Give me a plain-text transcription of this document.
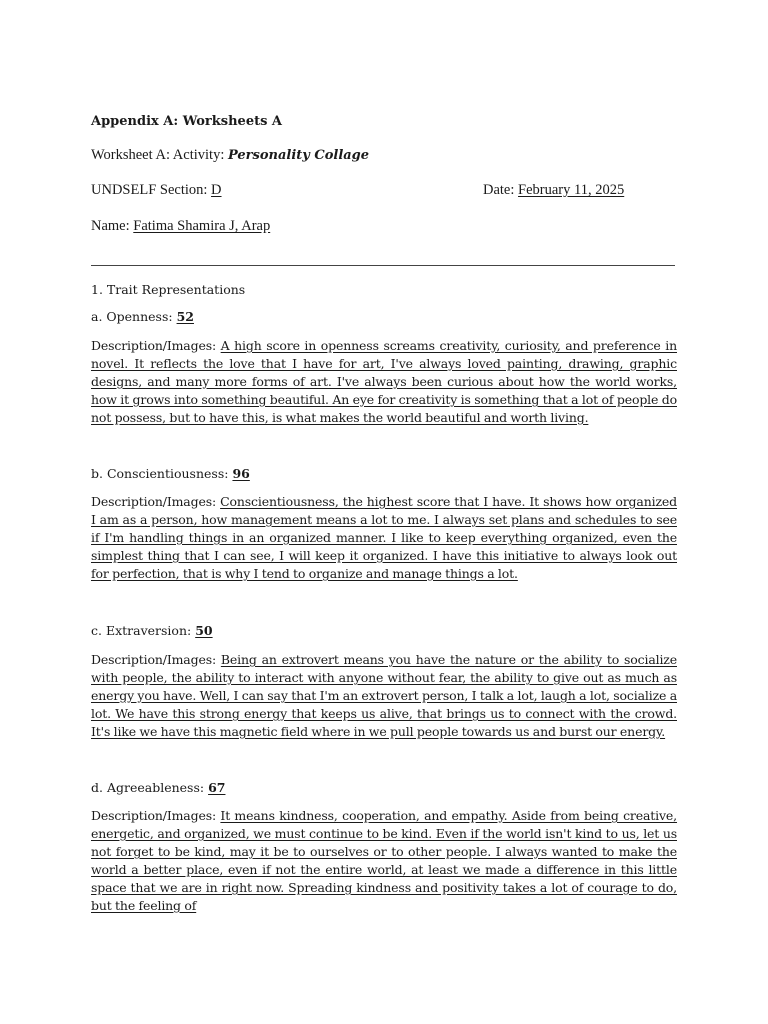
Appendix A: Worksheets A
Worksheet A: Activity: Personality Collage
UNDSELF Section: D	Date: February 11, 2025
Name: Fatima Shamira J, Arap
1. Trait Representations
a. Openness: 52

Description/Images: A high score in openness screams creativity, curiosity, and preference in novel. It reflects the love that I have for art, I've always loved painting, drawing, graphic designs, and many more forms of art. I've always been curious about how the world works, how it grows into something beautiful. An eye for creativity is something that a lot of people do not possess, but to have this, is what makes the world beautiful and worth living.

b. Conscientiousness: 96

Description/Images: Conscientiousness, the highest score that I have. It shows how organized I am as a person, how management means a lot to me. I always set plans and schedules to see if I'm handling things in an organized manner. I like to keep everything organized, even the simplest thing that I can see, I will keep it organized. I have this initiative to always look out for perfection, that is why I tend to organize and manage things a lot.

c. Extraversion: 50

Description/Images: Being an extrovert means you have the nature or the ability to socialize with people, the ability to interact with anyone without fear, the ability to give out as much as energy you have. Well, I can say that I'm an extrovert person, I talk a lot, laugh a lot, socialize a lot. We have this strong energy that keeps us alive, that brings us to connect with the crowd. It's like we have this magnetic field where in we pull people towards us and burst our energy.

d. Agreeableness: 67

Description/Images: It means kindness, cooperation, and empathy. Aside from being creative, energetic, and organized, we must continue to be kind. Even if the world isn't kind to us, let us not forget to be kind, may it be to ourselves or to other people. I always wanted to make the world a better place, even if not the entire world, at least we made a difference in this little space that we are in right now. Spreading kindness and positivity takes a lot of courage to do, but the feeling of
